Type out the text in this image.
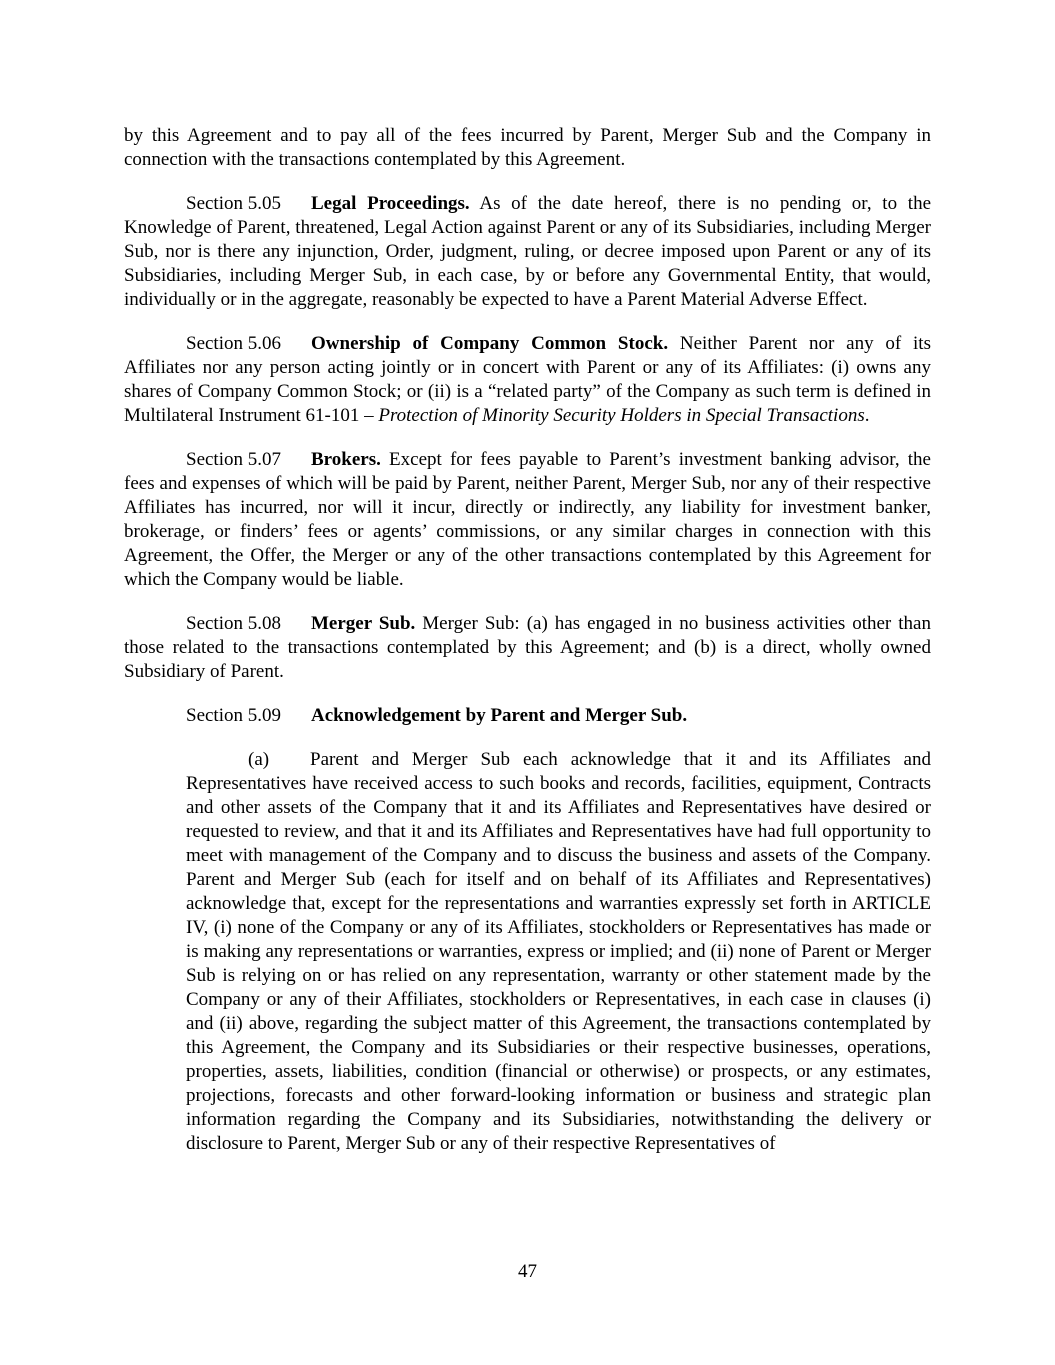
by this Agreement and to pay all of the fees incurred by Parent, Merger Sub and the Company in connection with the transactions contemplated by this Agreement.

Section 5.05 Legal Proceedings. As of the date hereof, there is no pending or, to the Knowledge of Parent, threatened, Legal Action against Parent or any of its Subsidiaries, including Merger Sub, nor is there any injunction, Order, judgment, ruling, or decree imposed upon Parent or any of its Subsidiaries, including Merger Sub, in each case, by or before any Governmental Entity, that would, individually or in the aggregate, reasonably be expected to have a Parent Material Adverse Effect.

Section 5.06 Ownership of Company Common Stock. Neither Parent nor any of its Affiliates nor any person acting jointly or in concert with Parent or any of its Affiliates: (i) owns any shares of Company Common Stock; or (ii) is a “related party” of the Company as such term is defined in Multilateral Instrument 61-101 – Protection of Minority Security Holders in Special Transactions.

Section 5.07 Brokers. Except for fees payable to Parent’s investment banking advisor, the fees and expenses of which will be paid by Parent, neither Parent, Merger Sub, nor any of their respective Affiliates has incurred, nor will it incur, directly or indirectly, any liability for investment banker, brokerage, or finders’ fees or agents’ commissions, or any similar charges in connection with this Agreement, the Offer, the Merger or any of the other transactions contemplated by this Agreement for which the Company would be liable.

Section 5.08 Merger Sub. Merger Sub: (a) has engaged in no business activities other than those related to the transactions contemplated by this Agreement; and (b) is a direct, wholly owned Subsidiary of Parent.

Section 5.09 Acknowledgement by Parent and Merger Sub.

(a) Parent and Merger Sub each acknowledge that it and its Affiliates and Representatives have received access to such books and records, facilities, equipment, Contracts and other assets of the Company that it and its Affiliates and Representatives have desired or requested to review, and that it and its Affiliates and Representatives have had full opportunity to meet with management of the Company and to discuss the business and assets of the Company. Parent and Merger Sub (each for itself and on behalf of its Affiliates and Representatives) acknowledge that, except for the representations and warranties expressly set forth in ARTICLE IV, (i) none of the Company or any of its Affiliates, stockholders or Representatives has made or is making any representations or warranties, express or implied; and (ii) none of Parent or Merger Sub is relying on or has relied on any representation, warranty or other statement made by the Company or any of their Affiliates, stockholders or Representatives, in each case in clauses (i) and (ii) above, regarding the subject matter of this Agreement, the transactions contemplated by this Agreement, the Company and its Subsidiaries or their respective businesses, operations, properties, assets, liabilities, condition (financial or otherwise) or prospects, or any estimates, projections, forecasts and other forward-looking information or business and strategic plan information regarding the Company and its Subsidiaries, notwithstanding the delivery or disclosure to Parent, Merger Sub or any of their respective Representatives of

47
